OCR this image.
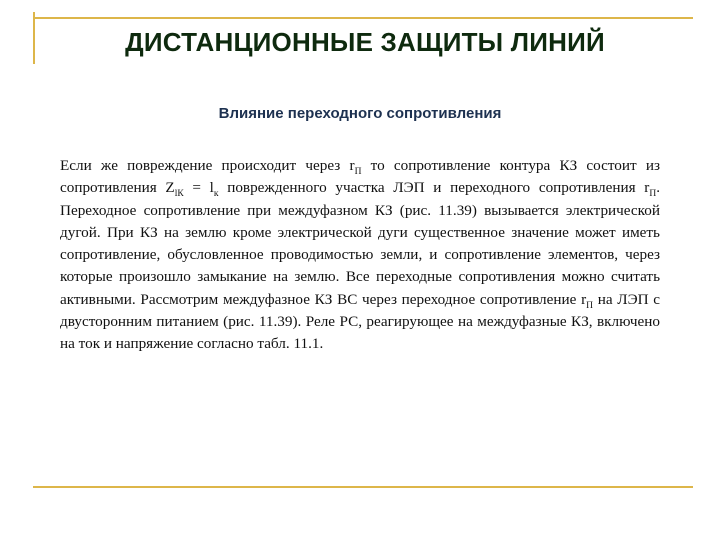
ДИСТАНЦИОННЫЕ ЗАЩИТЫ ЛИНИЙ
Влияние переходного сопротивления

Если же повреждение происходит через $r_П$ то сопротивление контура КЗ состоит из сопротивления $Z_{lК} = l_к$ поврежденного участка ЛЭП и переходного сопротивления $r_П$. Переходное сопротивление при междуфазном КЗ (рис. 11.39) вызывается электрической дугой. При КЗ на землю кроме электрической дуги существенное значение может иметь сопротивление, обусловленное проводимостью земли, и сопротивление элементов, через которые произошло замыкание на землю. Все переходные сопротивления можно считать активными. Рассмотрим междуфазное КЗ ВС через переходное сопротивление $r_П$ на ЛЭП с двусторонним питанием (рис. 11.39). Реле РС, реагирующее на междуфазные КЗ, включено на ток и напряжение согласно табл. 11.1.
